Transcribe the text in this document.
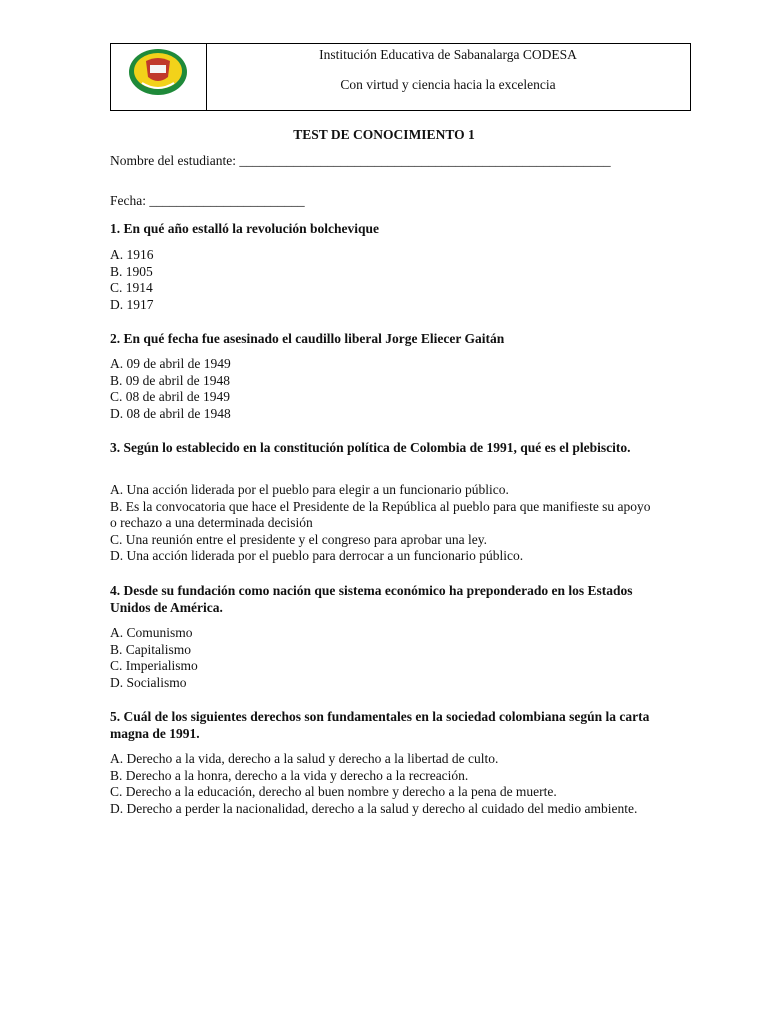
Institución Educativa de Sabanalarga CODESA
Con virtud y ciencia hacia la excelencia
TEST DE CONOCIMIENTO 1
Nombre del estudiante: _______________________________________________________
Fecha: _______________________
1. En qué año estalló la revolución bolchevique
A. 1916
B. 1905
C. 1914
D. 1917
2. En qué fecha fue asesinado el caudillo liberal Jorge Eliecer Gaitán
A. 09 de abril de 1949
B. 09 de abril de 1948
C. 08 de abril de 1949
D. 08 de abril de 1948
3. Según lo establecido en la constitución política de Colombia de 1991, qué es el plebiscito.
A. Una acción liderada por el pueblo para elegir a un funcionario público.
B. Es la convocatoria que hace el Presidente de la República al pueblo para que manifieste su apoyo o rechazo a una determinada decisión
C. Una reunión entre el presidente y el congreso para aprobar una ley.
D. Una acción liderada por el pueblo para derrocar a un funcionario público.
4. Desde su fundación como nación que sistema económico ha preponderado en los Estados Unidos de América.
A. Comunismo
B. Capitalismo
C. Imperialismo
D. Socialismo
5. Cuál de los siguientes derechos son fundamentales en la sociedad colombiana según la carta magna de 1991.
A. Derecho a la vida, derecho a la salud y derecho a la libertad de culto.
B. Derecho a la honra, derecho a la vida y derecho a la recreación.
C. Derecho a la educación, derecho al buen nombre y derecho a la pena de muerte.
D. Derecho a perder la nacionalidad, derecho a la salud y derecho al cuidado del medio ambiente.
